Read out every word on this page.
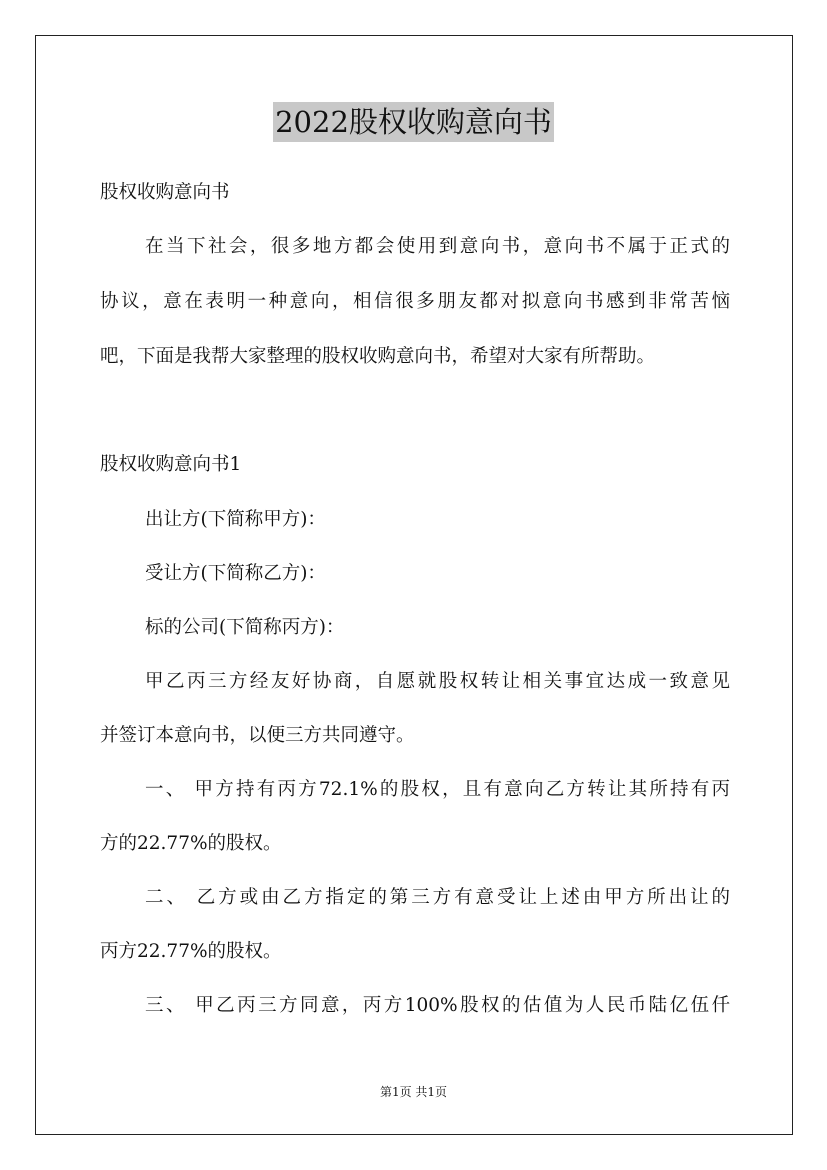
2022股权收购意向书
股权收购意向书
在当下社会，很多地方都会使用到意向书，意向书不属于正式的
协议，意在表明一种意向，相信很多朋友都对拟意向书感到非常苦恼
吧，下面是我帮大家整理的股权收购意向书，希望对大家有所帮助。
股权收购意向书1
出让方(下简称甲方)：
受让方(下简称乙方)：
标的公司(下简称丙方)：
甲乙丙三方经友好协商，自愿就股权转让相关事宜达成一致意见
并签订本意向书，以便三方共同遵守。
一、 甲方持有丙方72.1%的股权，且有意向乙方转让其所持有丙
方的22.77%的股权。
二、 乙方或由乙方指定的第三方有意受让上述由甲方所出让的
丙方22.77%的股权。
三、 甲乙丙三方同意，丙方100%股权的估值为人民币陆亿伍仟
第1页 共1页
